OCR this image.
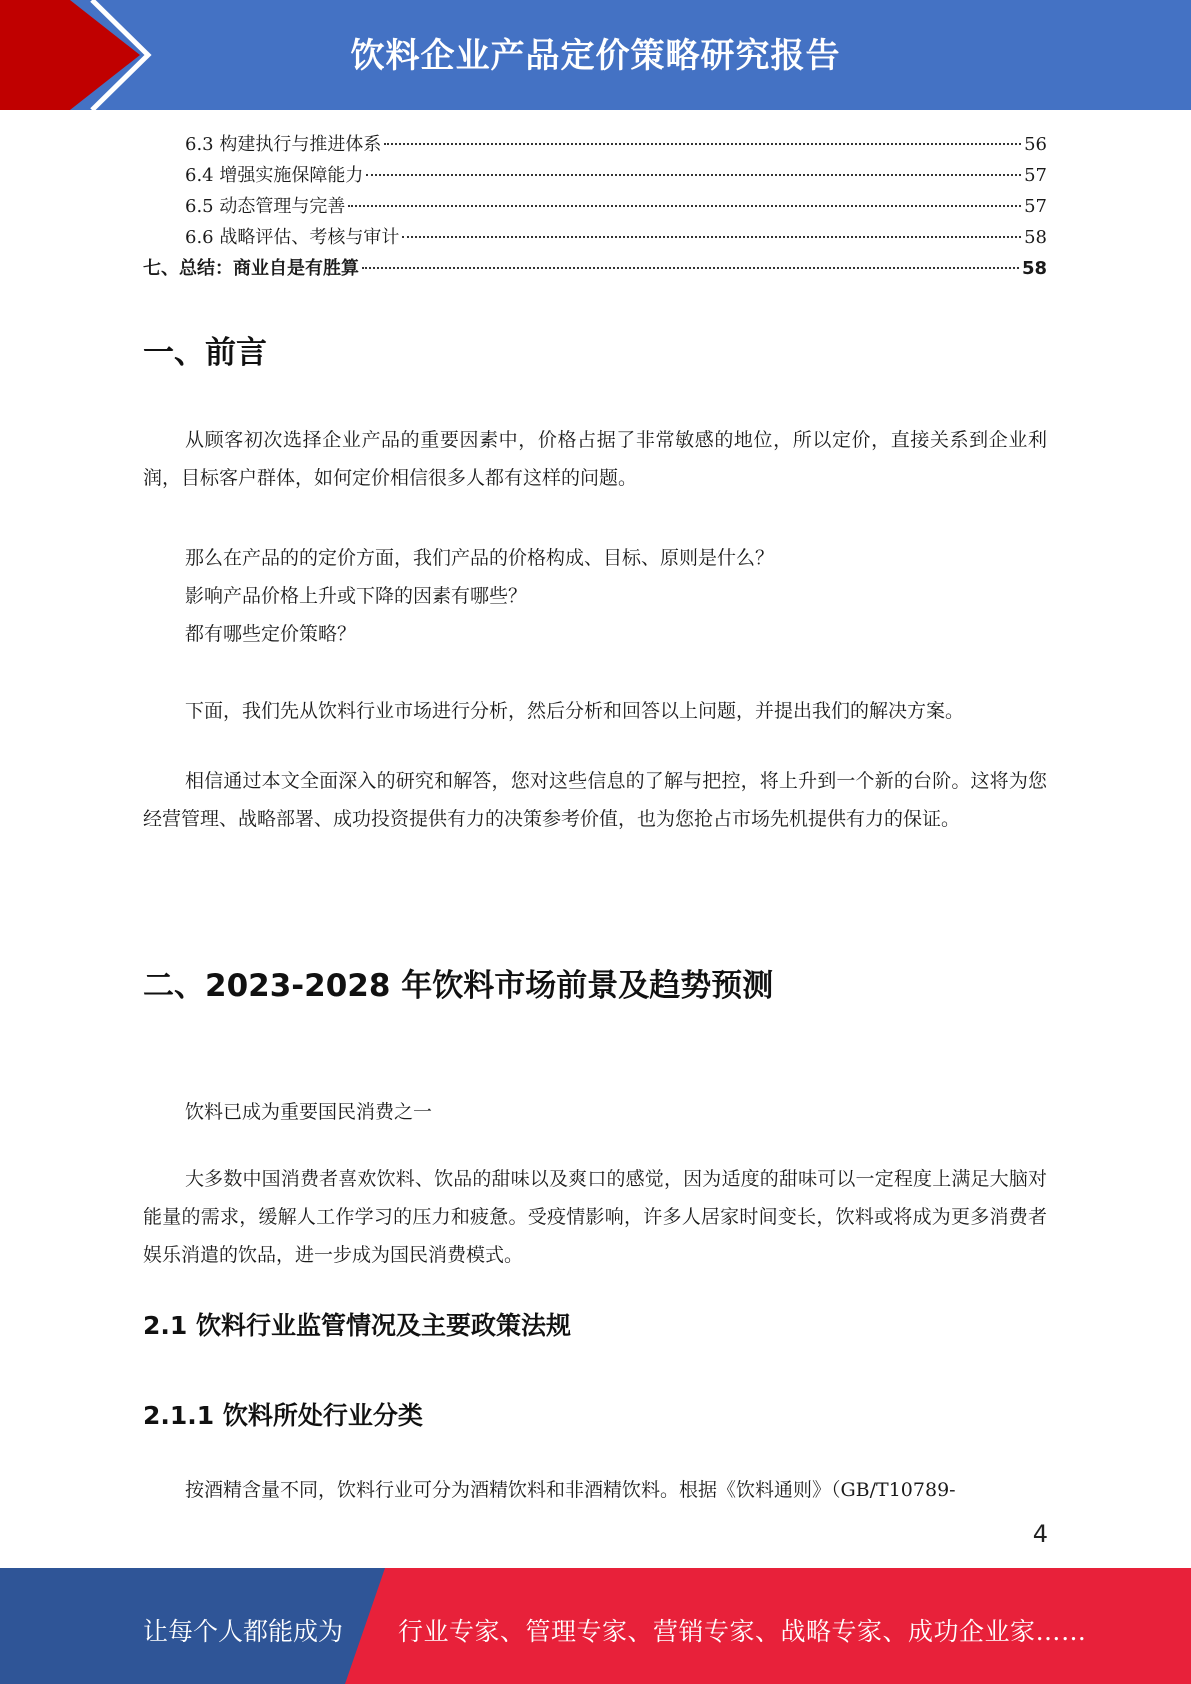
饮料企业产品定价策略研究报告
6.3 构建执行与推进体系	56
6.4 增强实施保障能力	57
6.5 动态管理与完善	57
6.6 战略评估、考核与审计	58
七、总结：商业自是有胜算	58
一、前言
从顾客初次选择企业产品的重要因素中，价格占据了非常敏感的地位，所以定价，直接关系到企业利润，目标客户群体，如何定价相信很多人都有这样的问题。
那么在产品的的定价方面，我们产品的价格构成、目标、原则是什么？
影响产品价格上升或下降的因素有哪些？
都有哪些定价策略？
下面，我们先从饮料行业市场进行分析，然后分析和回答以上问题，并提出我们的解决方案。
相信通过本文全面深入的研究和解答，您对这些信息的了解与把控，将上升到一个新的台阶。这将为您经营管理、战略部署、成功投资提供有力的决策参考价值，也为您抢占市场先机提供有力的保证。
二、2023-2028 年饮料市场前景及趋势预测
饮料已成为重要国民消费之一
大多数中国消费者喜欢饮料、饮品的甜味以及爽口的感觉，因为适度的甜味可以一定程度上满足大脑对能量的需求，缓解人工作学习的压力和疲惫。受疫情影响，许多人居家时间变长，饮料或将成为更多消费者娱乐消遣的饮品，进一步成为国民消费模式。
2.1 饮料行业监管情况及主要政策法规
2.1.1 饮料所处行业分类
按酒精含量不同，饮料行业可分为酒精饮料和非酒精饮料。根据《饮料通则》（GB/T10789-
4
让每个人都能成为 行业专家、管理专家、营销专家、战略专家、成功企业家……
